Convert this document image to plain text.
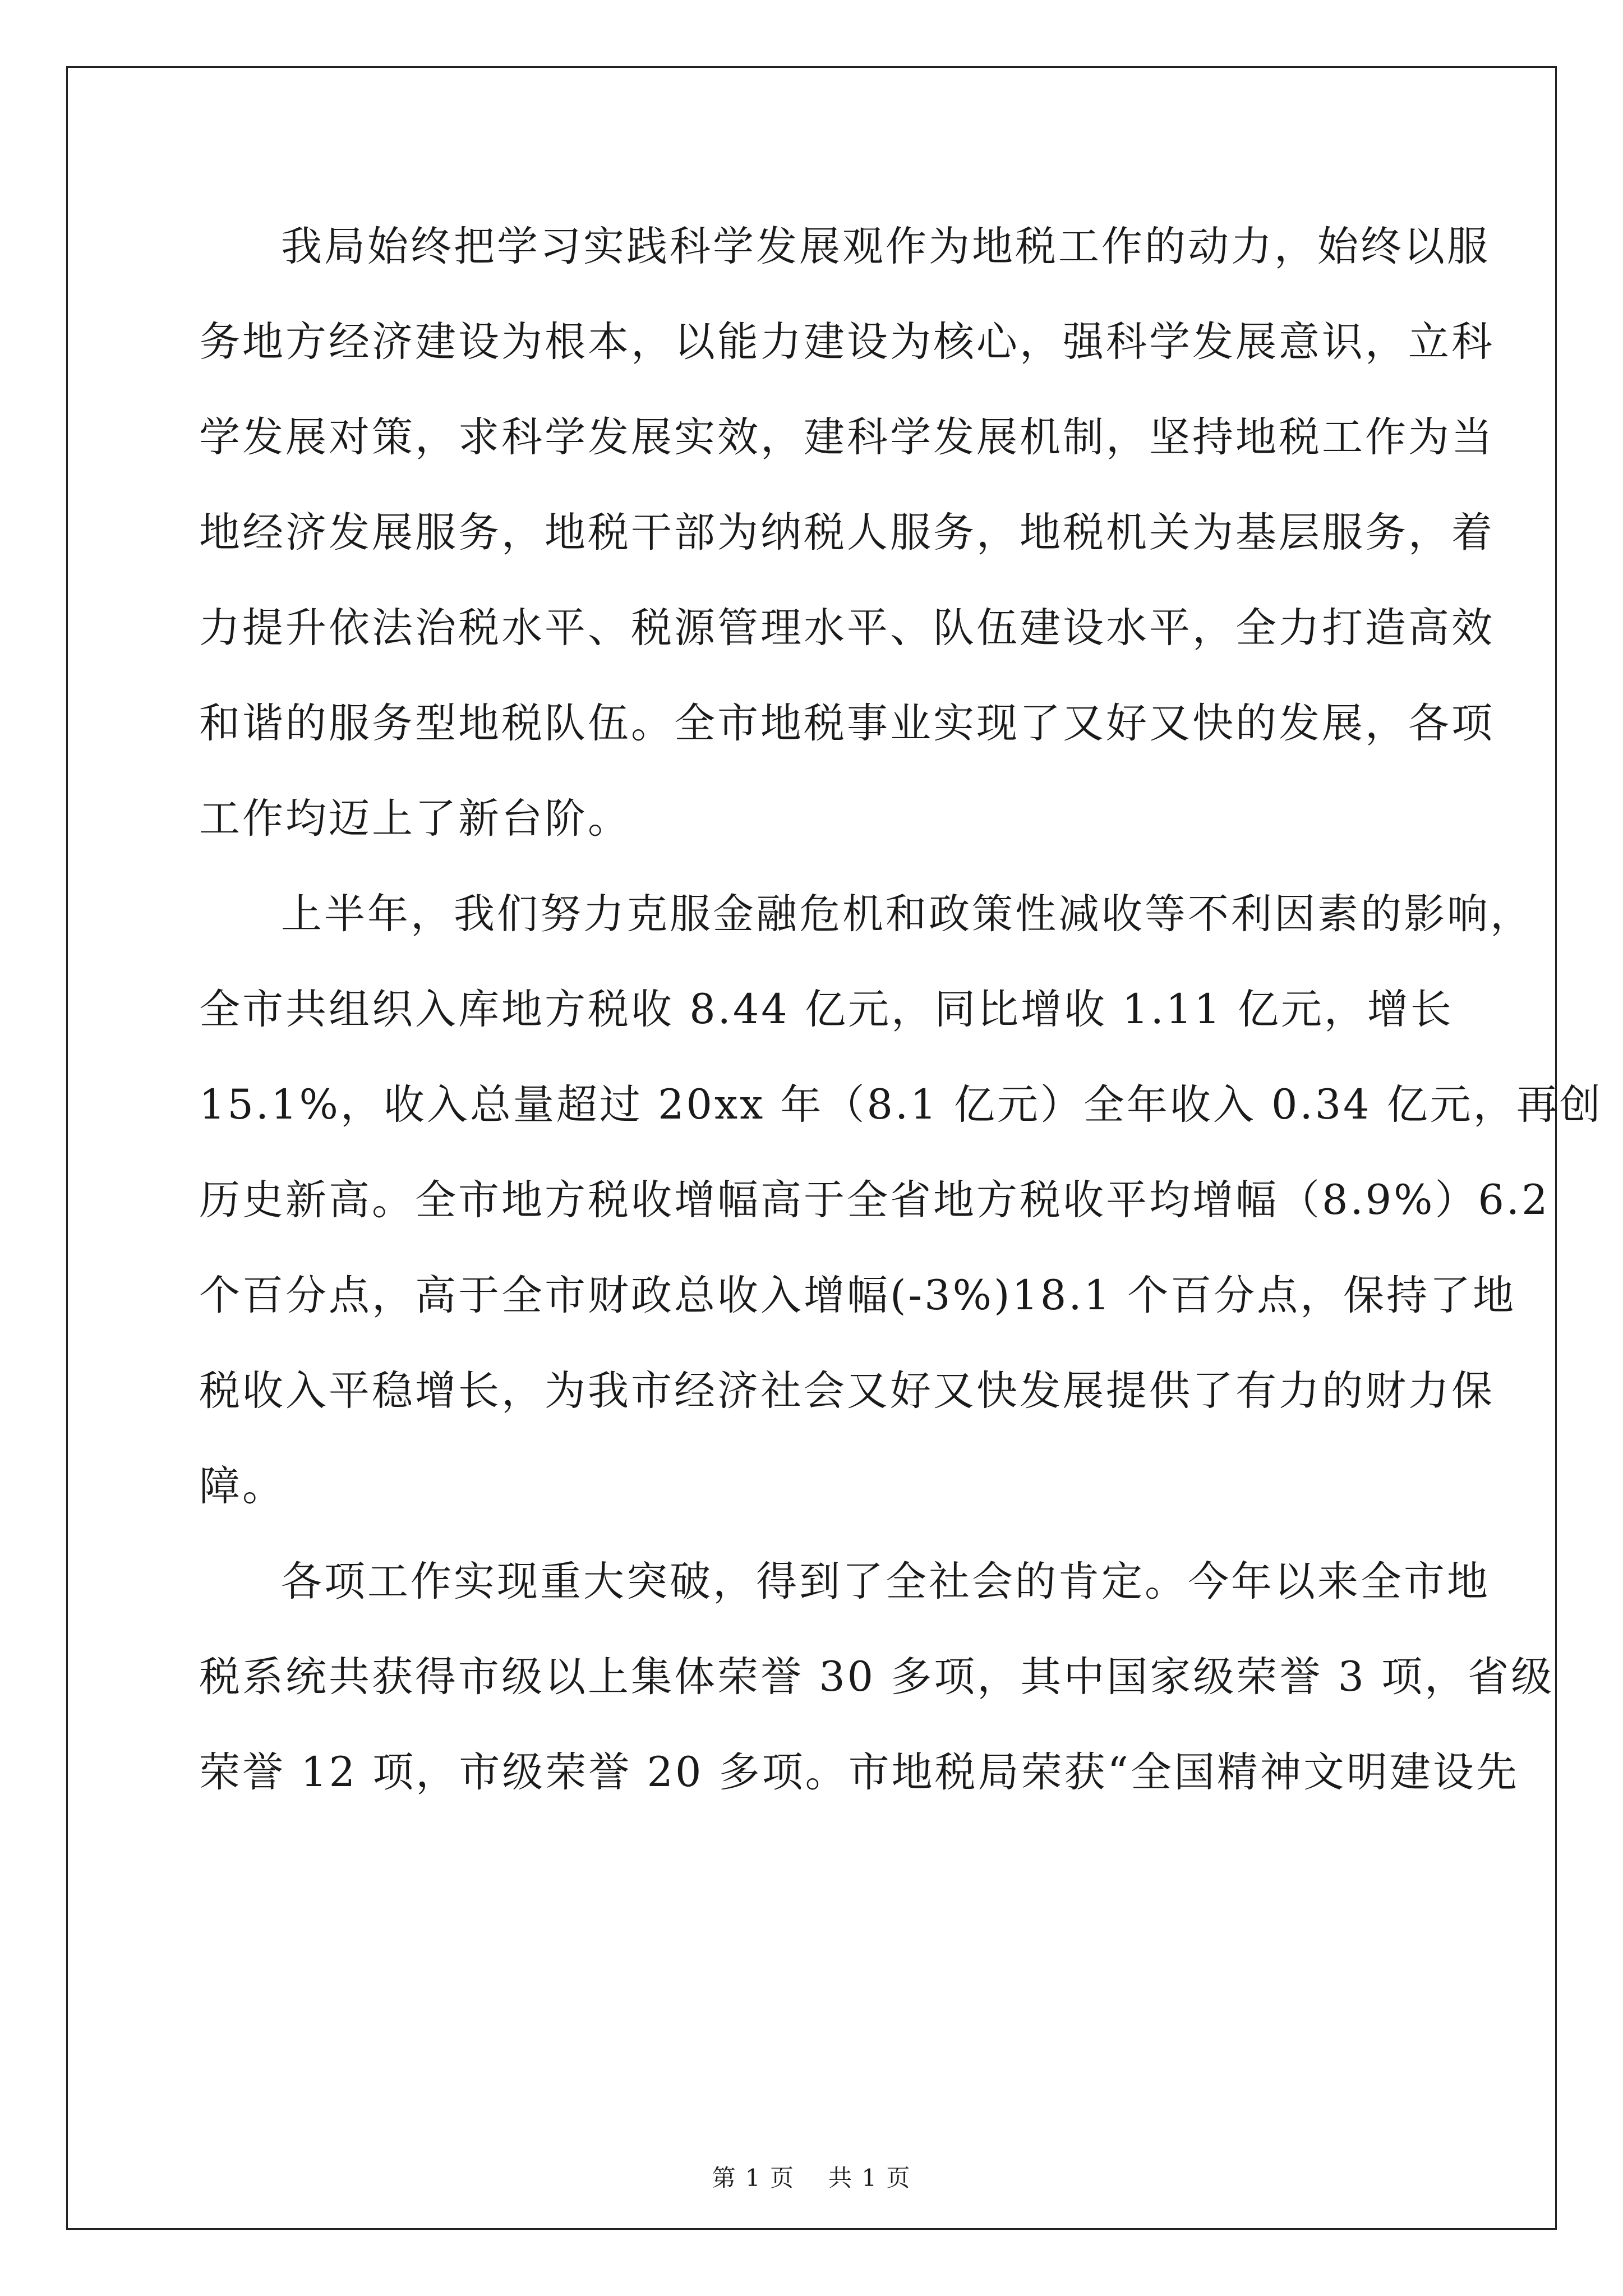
我局始终把学习实践科学发展观作为地税工作的动力，始终以服
务地方经济建设为根本，以能力建设为核心，强科学发展意识，立科
学发展对策，求科学发展实效，建科学发展机制，坚持地税工作为当
地经济发展服务，地税干部为纳税人服务，地税机关为基层服务，着
力提升依法治税水平、税源管理水平、队伍建设水平，全力打造高效
和谐的服务型地税队伍。全市地税事业实现了又好又快的发展，各项
工作均迈上了新台阶。
上半年，我们努力克服金融危机和政策性减收等不利因素的影响，
全市共组织入库地方税收 8.44 亿元，同比增收 1.11 亿元，增长
15.1%，收入总量超过 20xx 年（8.1 亿元）全年收入 0.34 亿元，再创
历史新高。全市地方税收增幅高于全省地方税收平均增幅（8.9%）6.2
个百分点，高于全市财政总收入增幅(-3%)18.1 个百分点，保持了地
税收入平稳增长，为我市经济社会又好又快发展提供了有力的财力保
障。
各项工作实现重大突破，得到了全社会的肯定。今年以来全市地
税系统共获得市级以上集体荣誉 30 多项，其中国家级荣誉 3 项，省级
荣誉 12 项，市级荣誉 20 多项。市地税局荣获“全国精神文明建设先
第 1 页 共 1 页
